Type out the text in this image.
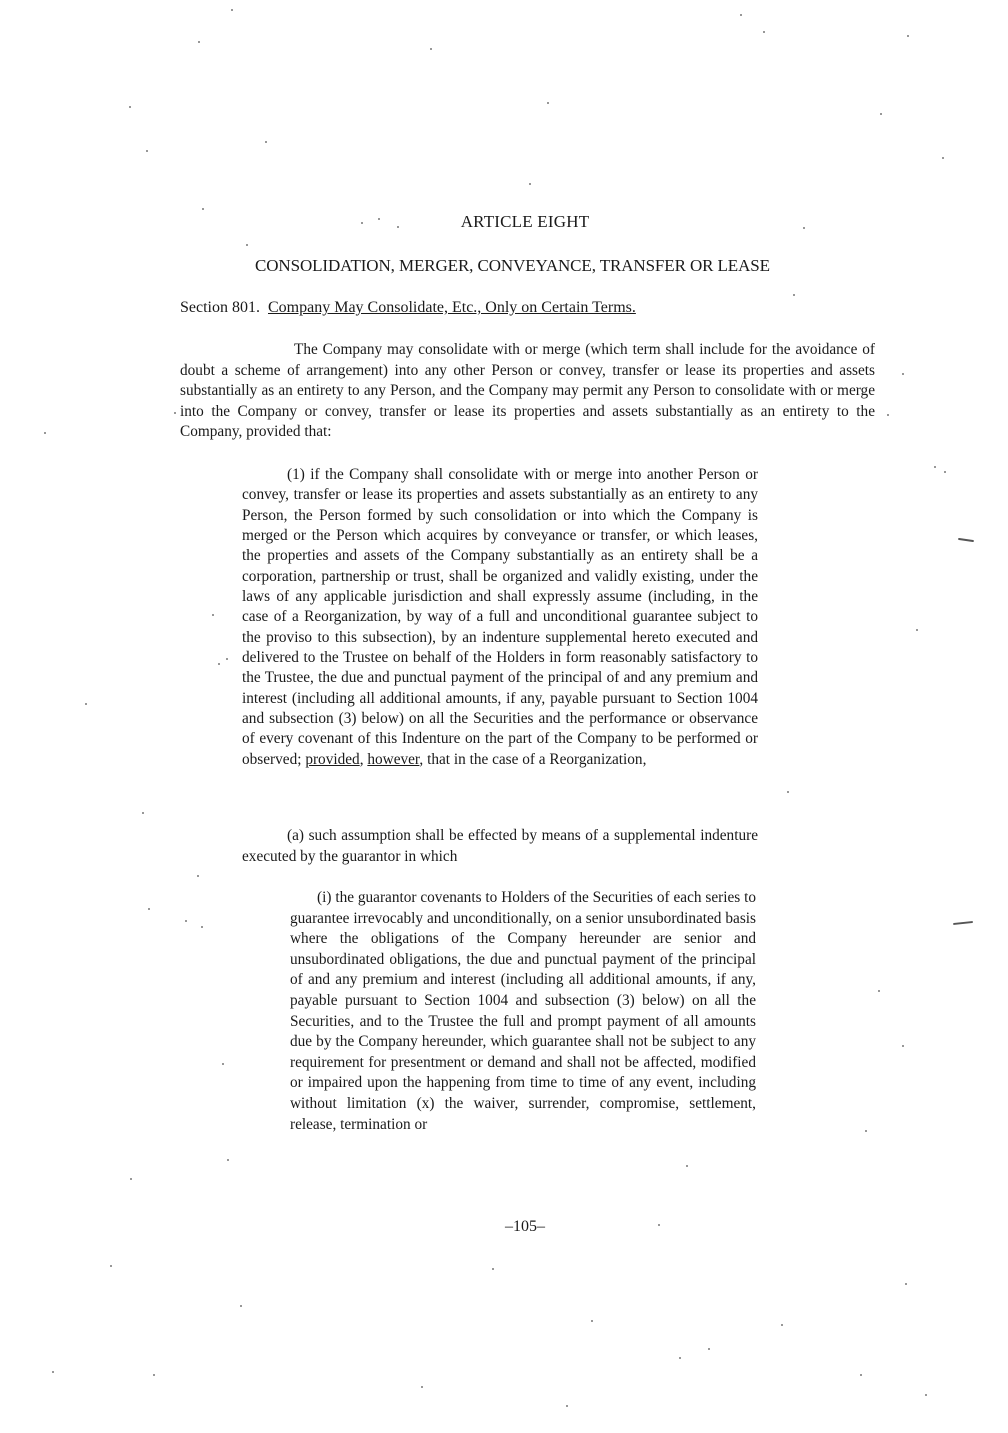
ARTICLE EIGHT
CONSOLIDATION, MERGER, CONVEYANCE, TRANSFER OR LEASE
Section 801. Company May Consolidate, Etc., Only on Certain Terms.
The Company may consolidate with or merge (which term shall include for the avoidance of doubt a scheme of arrangement) into any other Person or convey, transfer or lease its properties and assets substantially as an entirety to any Person, and the Company may permit any Person to consolidate with or merge into the Company or convey, transfer or lease its properties and assets substantially as an entirety to the Company, provided that:
(1) if the Company shall consolidate with or merge into another Person or convey, transfer or lease its properties and assets substantially as an entirety to any Person, the Person formed by such consolidation or into which the Company is merged or the Person which acquires by conveyance or transfer, or which leases, the properties and assets of the Company substantially as an entirety shall be a corporation, partnership or trust, shall be organized and validly existing, under the laws of any applicable jurisdiction and shall expressly assume (including, in the case of a Reorganization, by way of a full and unconditional guarantee subject to the proviso to this subsection), by an indenture supplemental hereto executed and delivered to the Trustee on behalf of the Holders in form reasonably satisfactory to the Trustee, the due and punctual payment of the principal of and any premium and interest (including all additional amounts, if any, payable pursuant to Section 1004 and subsection (3) below) on all the Securities and the performance or observance of every covenant of this Indenture on the part of the Company to be performed or observed; provided, however, that in the case of a Reorganization,
(a) such assumption shall be effected by means of a supplemental indenture executed by the guarantor in which
(i) the guarantor covenants to Holders of the Securities of each series to guarantee irrevocably and unconditionally, on a senior unsubordinated basis where the obligations of the Company hereunder are senior and unsubordinated obligations, the due and punctual payment of the principal of and any premium and interest (including all additional amounts, if any, payable pursuant to Section 1004 and subsection (3) below) on all the Securities, and to the Trustee the full and prompt payment of all amounts due by the Company hereunder, which guarantee shall not be subject to any requirement for presentment or demand and shall not be affected, modified or impaired upon the happening from time to time of any event, including without limitation (x) the waiver, surrender, compromise, settlement, release, termination or
–105–
